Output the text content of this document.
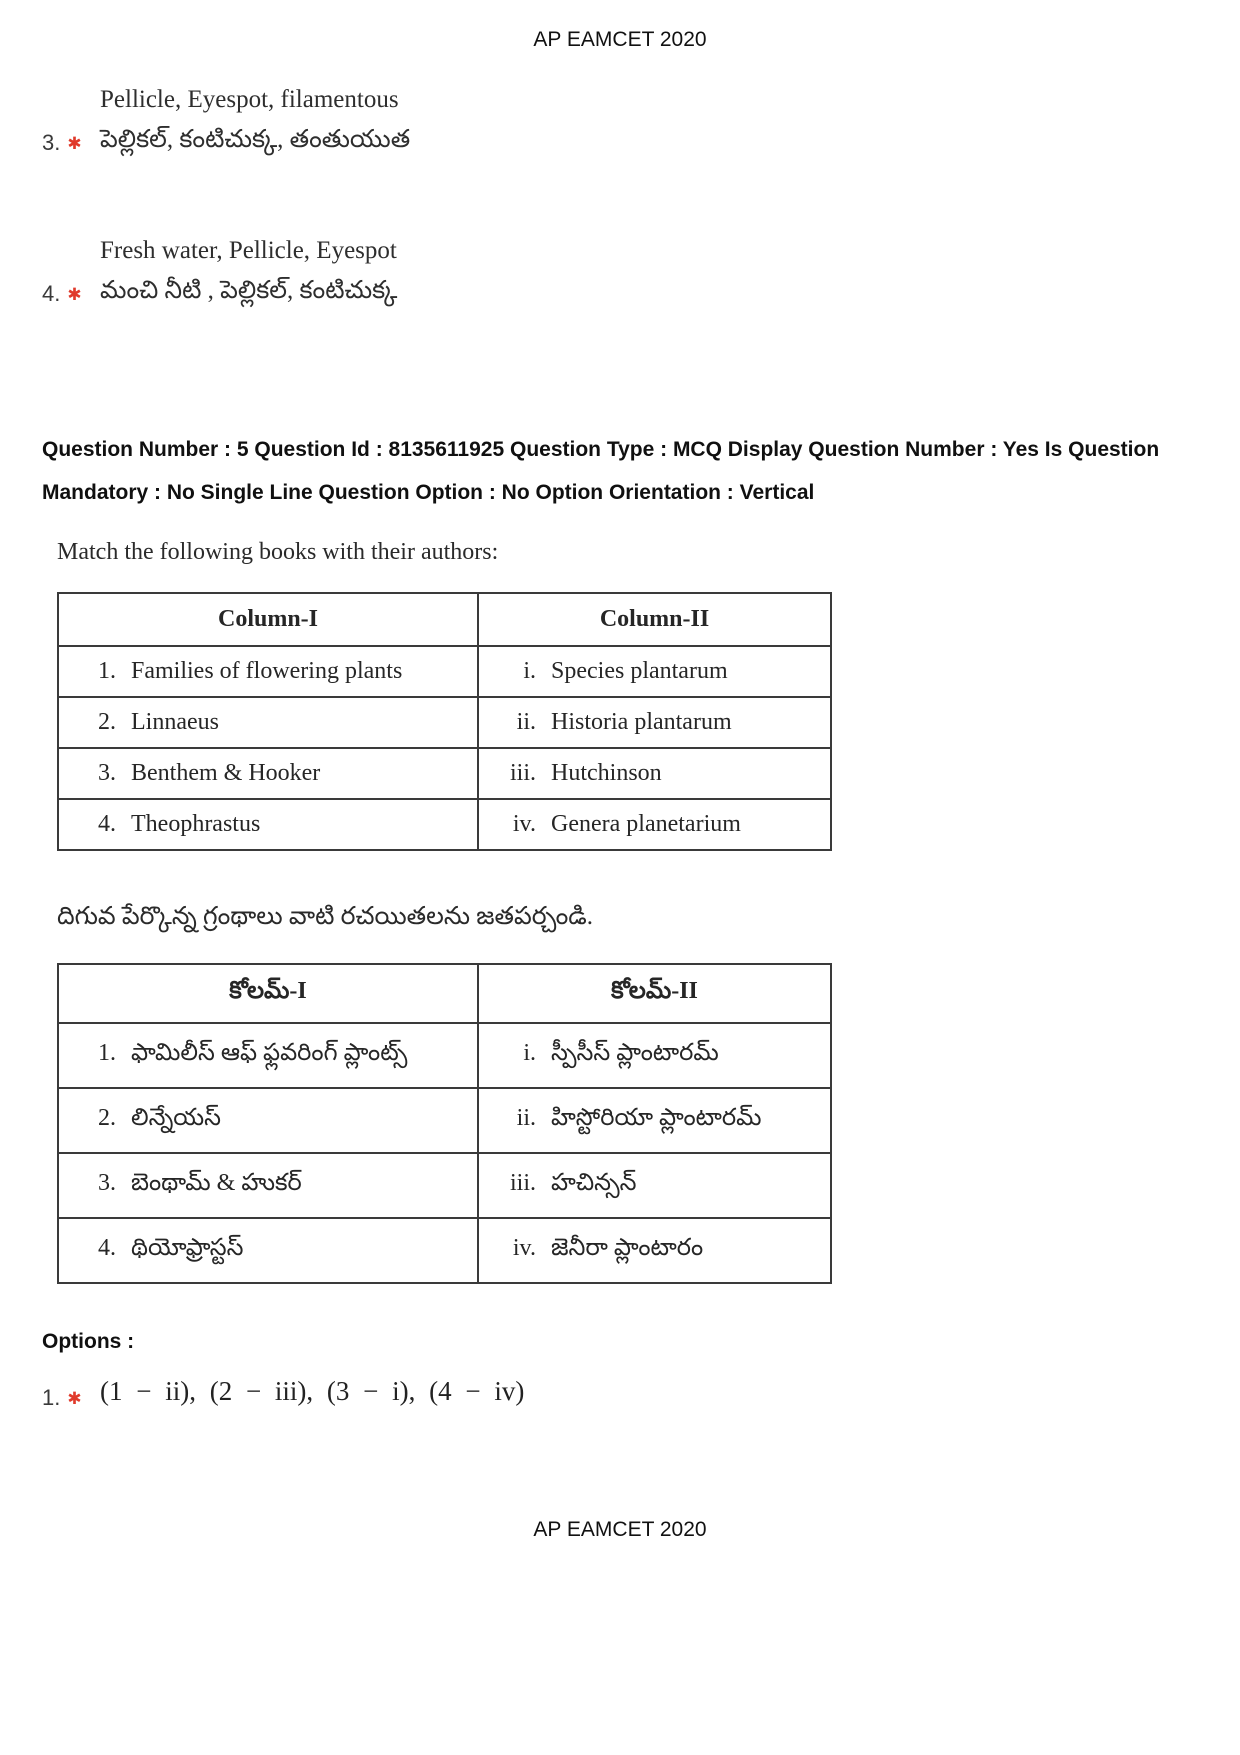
AP EAMCET 2020
3. ✱
Pellicle, Eyespot, filamentous
పెల్లికల్, కంటిచుక్క, తంతుయుత
4. ✱
Fresh water, Pellicle, Eyespot
మంచి నీటి , పెల్లికల్, కంటిచుక్క
Question Number : 5 Question Id : 8135611925 Question Type : MCQ Display Question Number : Yes Is Question Mandatory : No Single Line Question Option : No Option Orientation : Vertical
Match the following books with their authors:
Column-I	Column-II

1. Families of flowering plants	i. Species plantarum

2. Linnaeus	ii. Historia plantarum

3. Benthem & Hooker	iii. Hutchinson

4. Theophrastus	iv. Genera planetarium
దిగువ పేర్కొన్న గ్రంథాలు వాటి రచయితలను జతపర్చండి.
కోలమ్-I	కోలమ్-II

1. ఫామిలీస్ ఆఫ్ ఫ్లవరింగ్ ప్లాంట్స్	i. స్పీసీస్ ప్లాంటారమ్

2. లిన్నేయస్	ii. హిస్టోరియా ప్లాంటారమ్

3. బెంథామ్ & హుకర్	iii. హచిన్సన్

4. థియోఫ్రాస్టస్	iv. జెనీరా ప్లాంటారం
Options :
1. ✱ (1 − ii), (2 − iii), (3 − i), (4 − iv)
AP EAMCET 2020
